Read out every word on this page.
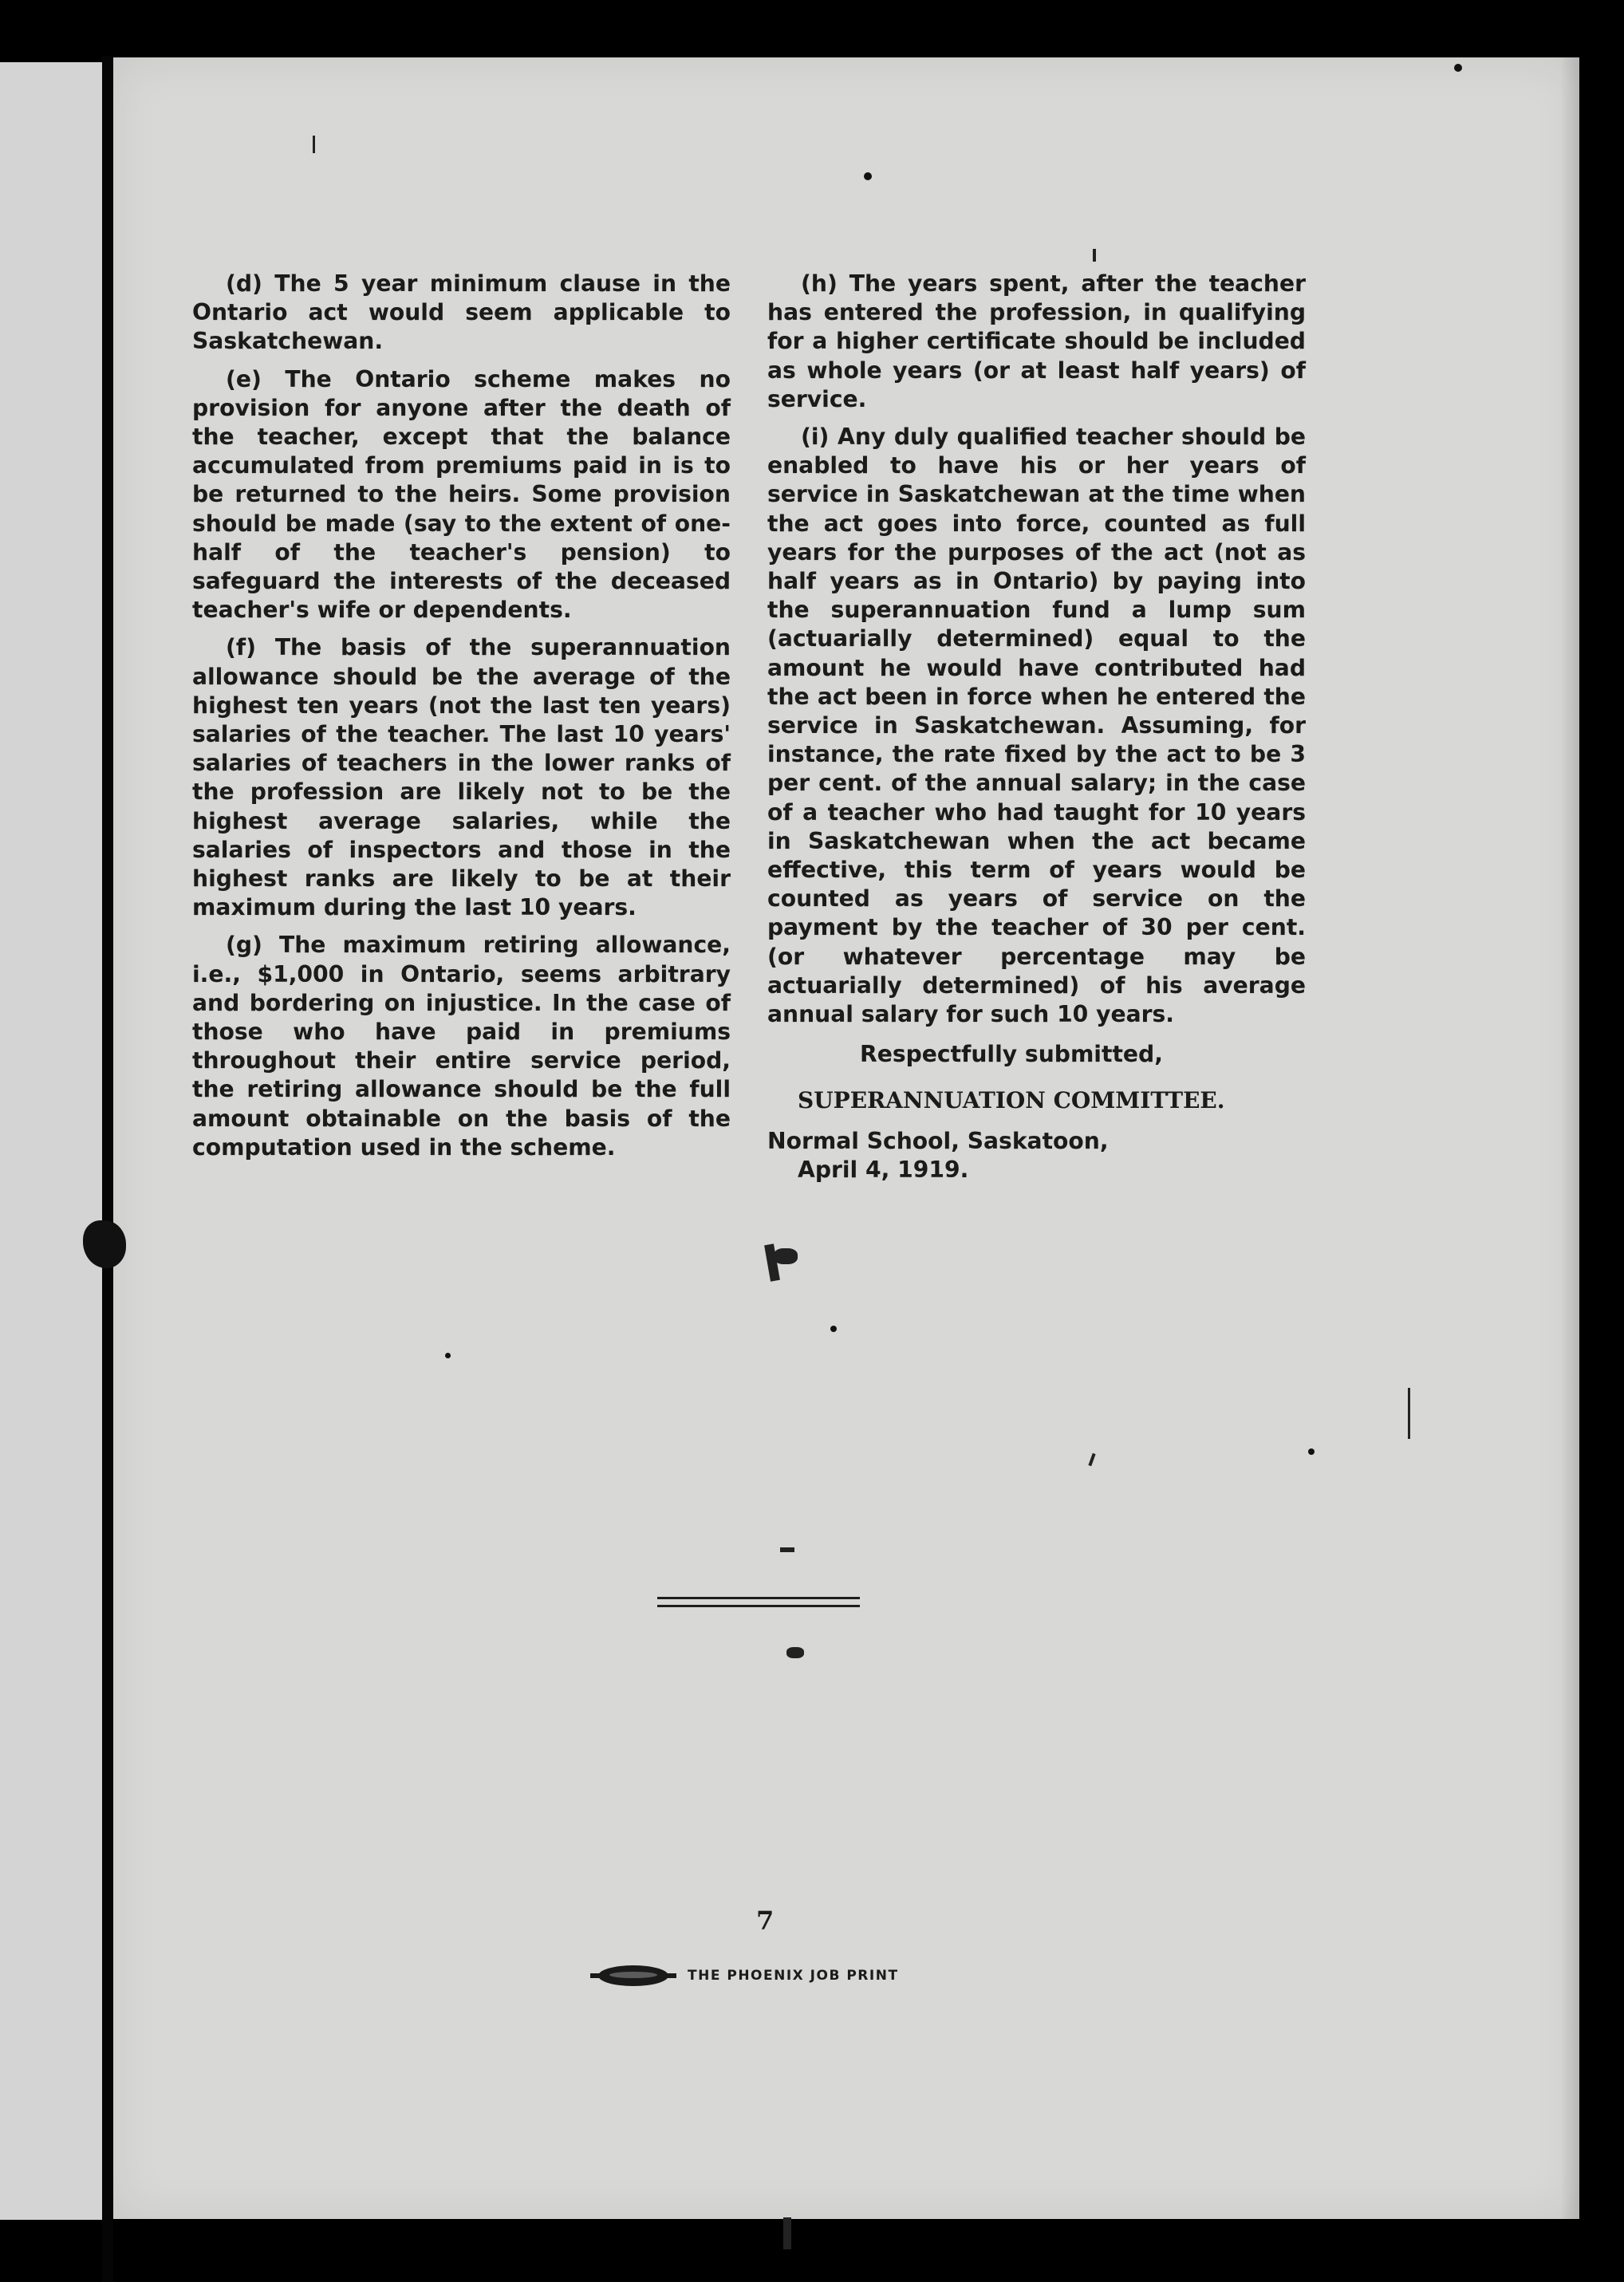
(d) The 5 year minimum clause in the Ontario act would seem applicable to Saskatchewan.

(e) The Ontario scheme makes no provision for anyone after the death of the teacher, except that the balance accumulated from premiums paid in is to be returned to the heirs. Some provision should be made (say to the extent of one-half of the teacher's pension) to safeguard the interests of the deceased teacher's wife or dependents.

(f) The basis of the superannuation allowance should be the average of the highest ten years (not the last ten years) salaries of the teacher. The last 10 years' salaries of teachers in the lower ranks of the profession are likely not to be the highest average salaries, while the salaries of inspectors and those in the highest ranks are likely to be at their maximum during the last 10 years.

(g) The maximum retiring allowance, i.e., $1,000 in Ontario, seems arbitrary and bordering on injustice. In the case of those who have paid in premiums throughout their entire service period, the retiring allowance should be the full amount obtainable on the basis of the computation used in the scheme.

(h) The years spent, after the teacher has entered the profession, in qualifying for a higher certificate should be included as whole years (or at least half years) of service.

(i) Any duly qualified teacher should be enabled to have his or her years of service in Saskatchewan at the time when the act goes into force, counted as full years for the purposes of the act (not as half years as in Ontario) by paying into the superannuation fund a lump sum (actuarially determined) equal to the amount he would have contributed had the act been in force when he entered the service in Saskatchewan. Assuming, for instance, the rate fixed by the act to be 3 per cent. of the annual salary; in the case of a teacher who had taught for 10 years in Saskatchewan when the act became effective, this term of years would be counted as years of service on the payment by the teacher of 30 per cent. (or whatever percentage may be actuarially determined) of his average annual salary for such 10 years.

Respectfully submitted,
SUPERANNUATION COMMITTEE.
Normal School, Saskatoon,
April 4, 1919.
7
THE PHOENIX JOB PRINT
